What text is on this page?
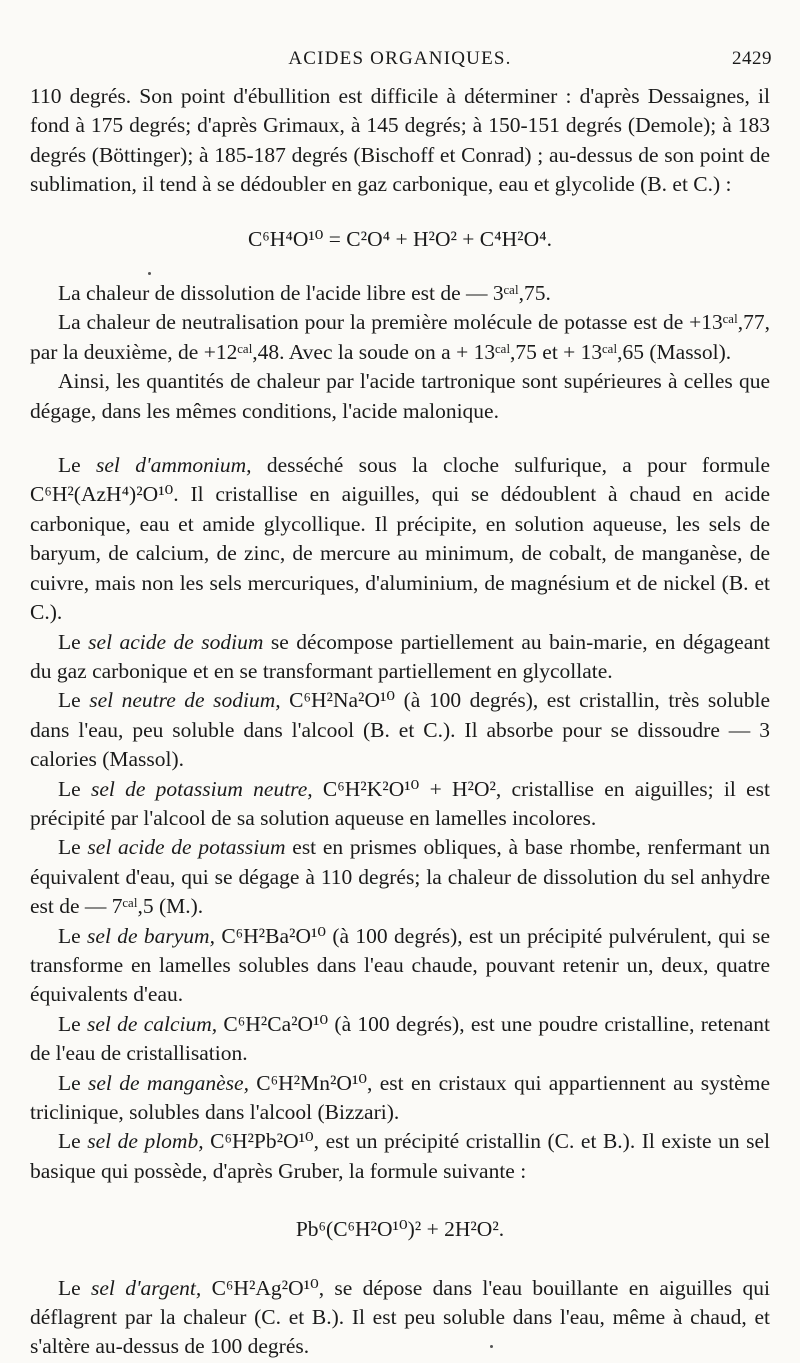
ACIDES ORGANIQUES.	2429

110 degrés. Son point d'ébullition est difficile à déterminer : d'après Dessaignes, il fond à 175 degrés; d'après Grimaux, à 145 degrés; à 150-151 degrés (Demole); à 183 degrés (Böttinger); à 185-187 degrés (Bischoff et Conrad) ; au-dessus de son point de sublimation, il tend à se dédoubler en gaz carbonique, eau et glycolide (B. et C.) :

C⁶H⁴O¹⁰ = C²O⁴ + H²O² + C⁴H²O⁴.

La chaleur de dissolution de l'acide libre est de — 3ᶜᵃˡ,75.

La chaleur de neutralisation pour la première molécule de potasse est de +13ᶜᵃˡ,77, par la deuxième, de +12ᶜᵃˡ,48. Avec la soude on a + 13ᶜᵃˡ,75 et + 13ᶜᵃˡ,65 (Massol).

Ainsi, les quantités de chaleur par l'acide tartronique sont supérieures à celles que dégage, dans les mêmes conditions, l'acide malonique.

Le sel d'ammonium, desséché sous la cloche sulfurique, a pour formule C⁶H²(AzH⁴)²O¹⁰. Il cristallise en aiguilles, qui se dédoublent à chaud en acide carbonique, eau et amide glycollique. Il précipite, en solution aqueuse, les sels de baryum, de calcium, de zinc, de mercure au minimum, de cobalt, de manganèse, de cuivre, mais non les sels mercuriques, d'aluminium, de magnésium et de nickel (B. et C.).

Le sel acide de sodium se décompose partiellement au bain-marie, en dégageant du gaz carbonique et en se transformant partiellement en glycollate.

Le sel neutre de sodium, C⁶H²Na²O¹⁰ (à 100 degrés), est cristallin, très soluble dans l'eau, peu soluble dans l'alcool (B. et C.). Il absorbe pour se dissoudre — 3 calories (Massol).

Le sel de potassium neutre, C⁶H²K²O¹⁰ + H²O², cristallise en aiguilles; il est précipité par l'alcool de sa solution aqueuse en lamelles incolores.

Le sel acide de potassium est en prismes obliques, à base rhombe, renfermant un équivalent d'eau, qui se dégage à 110 degrés; la chaleur de dissolution du sel anhydre est de — 7ᶜᵃˡ,5 (M.).

Le sel de baryum, C⁶H²Ba²O¹⁰ (à 100 degrés), est un précipité pulvérulent, qui se transforme en lamelles solubles dans l'eau chaude, pouvant retenir un, deux, quatre équivalents d'eau.

Le sel de calcium, C⁶H²Ca²O¹⁰ (à 100 degrés), est une poudre cristalline, retenant de l'eau de cristallisation.

Le sel de manganèse, C⁶H²Mn²O¹⁰, est en cristaux qui appartiennent au système triclinique, solubles dans l'alcool (Bizzari).

Le sel de plomb, C⁶H²Pb²O¹⁰, est un précipité cristallin (C. et B.). Il existe un sel basique qui possède, d'après Gruber, la formule suivante :

Pb⁶(C⁶H²O¹⁰)² + 2H²O².

Le sel d'argent, C⁶H²Ag²O¹⁰, se dépose dans l'eau bouillante en aiguilles qui déflagrent par la chaleur (C. et B.). Il est peu soluble dans l'eau, même à chaud, et s'altère au-dessus de 100 degrés.
